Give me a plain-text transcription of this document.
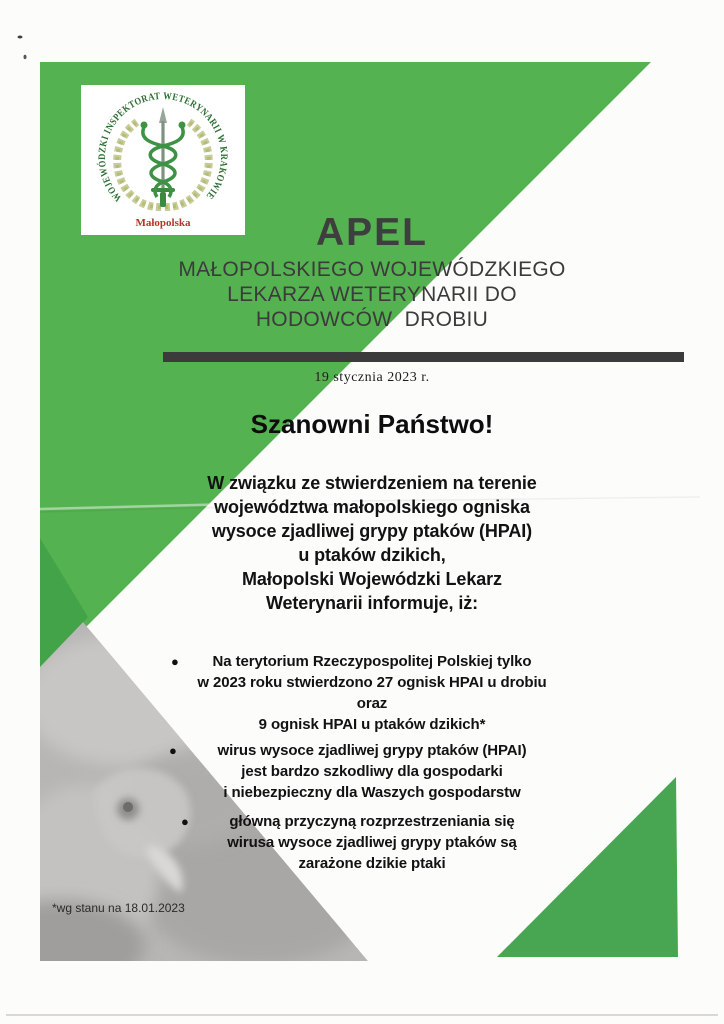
WOJEWÓDZKI INSPEKTORAT WETERYNARII W KRAKOWIE
Małopolska	APEL
MAŁOPOLSKIEGO WOJEWÓDZKIEGO
LEKARZA WETERYNARII DO
HODOWCÓW  DROBIU
19 stycznia 2023 r.
Szanowni Państwo!
W związku ze stwierdzeniem na terenie
województwa małopolskiego ogniska
wysoce zjadliwej grypy ptaków (HPAI)
u ptaków dzikich,
Małopolski Wojewódzki Lekarz
Weterynarii informuje, iż:
●	Na terytorium Rzeczypospolitej Polskiej tylko
w 2023 roku stwierdzono 27 ognisk HPAI u drobiu
oraz
9 ognisk HPAI u ptaków dzikich*
●	wirus wysoce zjadliwej grypy ptaków (HPAI)
jest bardzo szkodliwy dla gospodarki
i niebezpieczny dla Waszych gospodarstw
●	główną przyczyną rozprzestrzeniania się
wirusa wysoce zjadliwej grypy ptaków są
zarażone dzikie ptaki
*wg stanu na 18.01.2023
